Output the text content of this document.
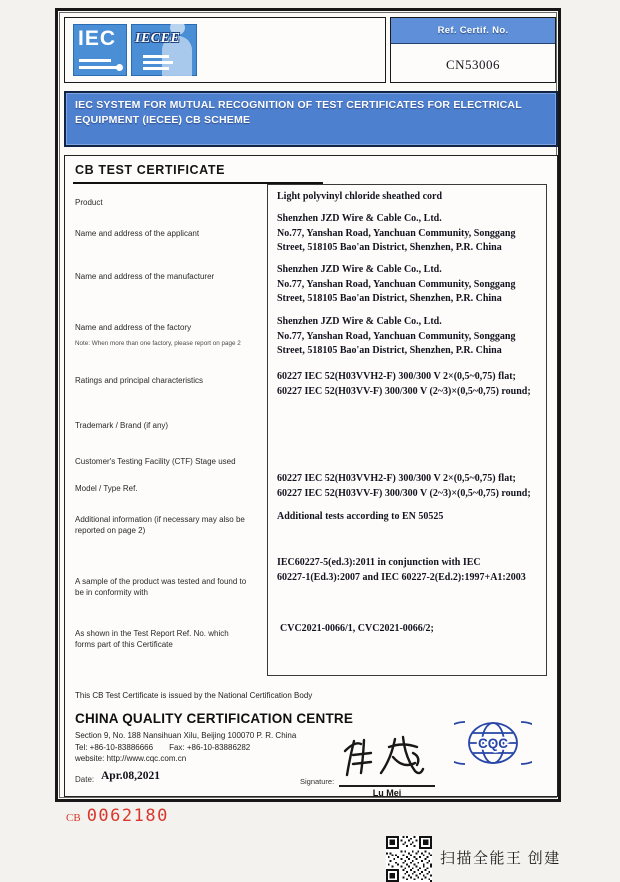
IEC IECEE
Ref. Certif. No.
CN53006
IEC SYSTEM FOR MUTUAL RECOGNITION OF TEST CERTIFICATES FOR ELECTRICAL EQUIPMENT (IECEE) CB SCHEME
CB TEST CERTIFICATE
Product
Name and address of the applicant
Name and address of the manufacturer
Name and address of the factory
Note: When more than one factory, please report on page 2
Ratings and principal characteristics
Trademark / Brand (if any)
Customer's Testing Facility (CTF) Stage used
Model / Type Ref.
Additional information (if necessary may also be reported on page 2)
A sample of the product was tested and found to be in conformity with
As shown in the Test Report Ref. No. which forms part of this Certificate
Light polyvinyl chloride sheathed cord
Shenzhen JZD Wire & Cable Co., Ltd.
No.77, Yanshan Road, Yanchuan Community, Songgang Street, 518105 Bao'an District, Shenzhen, P.R. China
Shenzhen JZD Wire & Cable Co., Ltd.
No.77, Yanshan Road, Yanchuan Community, Songgang Street, 518105 Bao'an District, Shenzhen, P.R. China
Shenzhen JZD Wire & Cable Co., Ltd.
No.77, Yanshan Road, Yanchuan Community, Songgang Street, 518105 Bao'an District, Shenzhen, P.R. China
60227 IEC 52(H03VVH2-F) 300/300 V 2×(0,5~0,75) flat;
60227 IEC 52(H03VV-F) 300/300 V (2~3)×(0,5~0,75) round;
60227 IEC 52(H03VVH2-F) 300/300 V 2×(0,5~0,75) flat;
60227 IEC 52(H03VV-F) 300/300 V (2~3)×(0,5~0,75) round;
Additional tests according to EN 50525
IEC60227-5(ed.3):2011 in conjunction with IEC
60227-1(Ed.3):2007 and IEC 60227-2(Ed.2):1997+A1:2003
CVC2021-0066/1, CVC2021-0066/2;
This CB Test Certificate is issued by the National Certification Body
CHINA QUALITY CERTIFICATION CENTRE
Section 9, No. 188 Nansihuan Xilu, Beijing 100070 P. R. China
Tel: +86-10-83886666 Fax: +86-10-83886282
website: http://www.cqc.com.cn
Date: Apr.08,2021	Signature:
Lu Mei
CQC
CB 0062180
扫描全能王 创建
